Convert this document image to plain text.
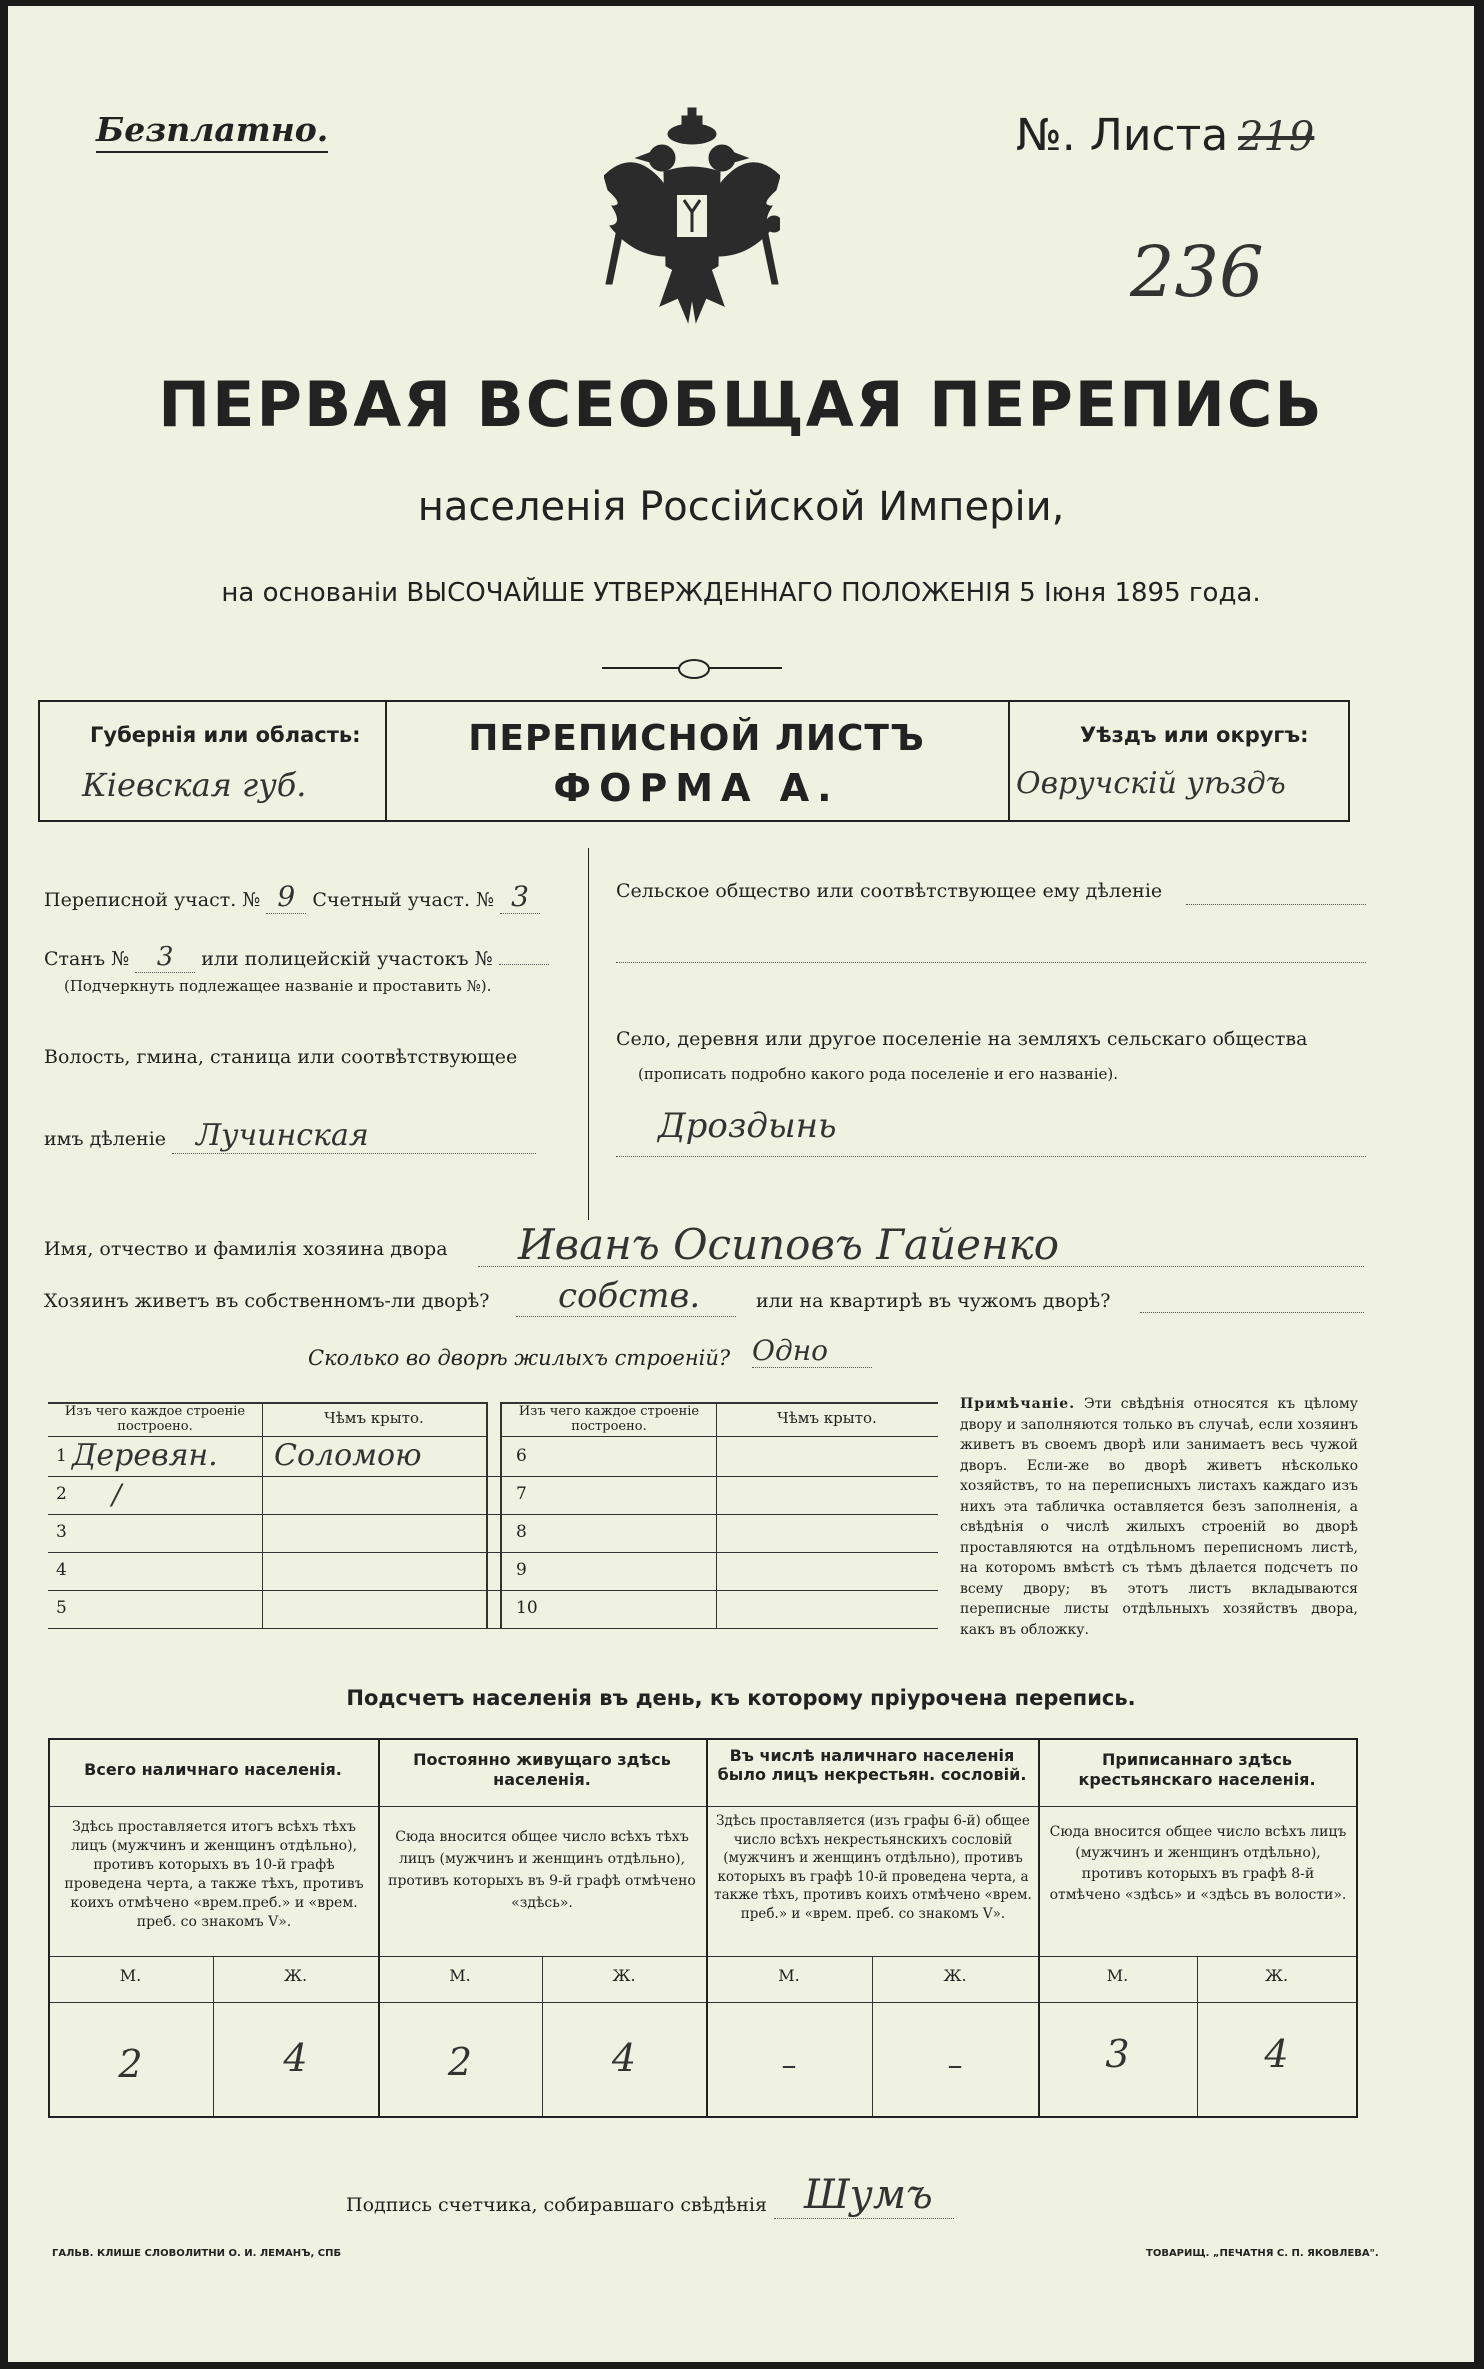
Безплатно.	№. Листа 219
236
ПЕРВАЯ ВСЕОБЩАЯ ПЕРЕПИСЬ
населенія Россійской Имперіи,
на основаніи ВЫСОЧАЙШЕ УТВЕРЖДЕННАГО ПОЛОЖЕНІЯ 5 Іюня 1895 года.
Губернія или область:
Кіевская губ.
ПЕРЕПИСНОЙ ЛИСТЪ
ФОРМА А.
Уѣздъ или округъ:
Овручскій уѣздъ
Переписной участ. № 9 Счетный участ. № 3
Станъ № 3 или полицейскій участокъ №
(Подчеркнуть подлежащее названіе и проставить №).
Волость, гмина, станица или соотвѣтствующее
имъ дѣленіе Лучинская
Сельское общество или соотвѣтствующее ему дѣленіе
Село, деревня или другое поселеніе на земляхъ сельскаго общества
(прописать подробно какого рода поселеніе и его названіе).
Дроздынь
Имя, отчество и фамилія хозяина двора Иванъ Осиповъ Гайенко
Хозяинъ живетъ въ собственномъ-ли дворѣ?	собств.	или на квартирѣ въ чужомъ дворѣ?
Сколько во дворѣ жилыхъ строеній? Одно
Изъ чего каждое строеніе построено.	Чѣмъ крыто.	Изъ чего каждое строеніе построено.	Чѣмъ крыто.
1 Деревян. Соломою
2 /
3
4
5
6
7
8
9
10
Примѣчаніе. Эти свѣдѣнія относятся къ цѣлому двору и заполняются только въ случаѣ, если хозяинъ живетъ въ своемъ дворѣ или занимаетъ весь чужой дворъ. Если-же во дворѣ живетъ нѣсколько хозяйствъ, то на переписныхъ листахъ каждаго изъ нихъ эта табличка оставляется безъ заполненія, а свѣдѣнія о числѣ жилыхъ строеній во дворѣ проставляются на отдѣльномъ переписномъ листѣ, на которомъ вмѣстѣ съ тѣмъ дѣлается подсчетъ по всему двору; въ этотъ листъ вкладываются переписные листы отдѣльныхъ хозяйствъ двора, какъ въ обложку.
Подсчетъ населенія въ день, къ которому пріурочена перепись.
Всего наличнаго населенія.
Здѣсь проставляется итогъ всѣхъ тѣхъ лицъ (мужчинъ и женщинъ отдѣльно), противъ которыхъ въ 10-й графѣ проведена черта, а также тѣхъ, противъ коихъ отмѣчено «врем.преб.» и «врем. преб. со знакомъ V».
М.	Ж.
2	4
Постоянно живущаго здѣсь населенія.
Сюда вносится общее число всѣхъ тѣхъ лицъ (мужчинъ и женщинъ отдѣльно), противъ которыхъ въ 9-й графѣ отмѣчено «здѣсь».
М.	Ж.
2	4
Въ числѣ наличнаго населенія было лицъ некрестьян. сословій.
Здѣсь проставляется (изъ графы 6-й) общее число всѣхъ некрестьянскихъ сословій (мужчинъ и женщинъ отдѣльно), противъ которыхъ въ графѣ 10-й проведена черта, а также тѣхъ, противъ коихъ отмѣчено «врем. преб.» и «врем. преб. со знакомъ V».
М.	Ж.
–	–
Приписаннаго здѣсь крестьянскаго населенія.
Сюда вносится общее число всѣхъ лицъ (мужчинъ и женщинъ отдѣльно), противъ которыхъ въ графѣ 8-й отмѣчено «здѣсь» и «здѣсь въ волости».
М.	Ж.
3	4
Подпись счетчика, собиравшаго свѣдѣнія Шумъ
ГАЛЬВ. КЛИШЕ СЛОВОЛИТНИ О. И. ЛЕМАНЪ, СПБ	ТОВАРИЩ. „ПЕЧАТНЯ С. П. ЯКОВЛЕВА".
